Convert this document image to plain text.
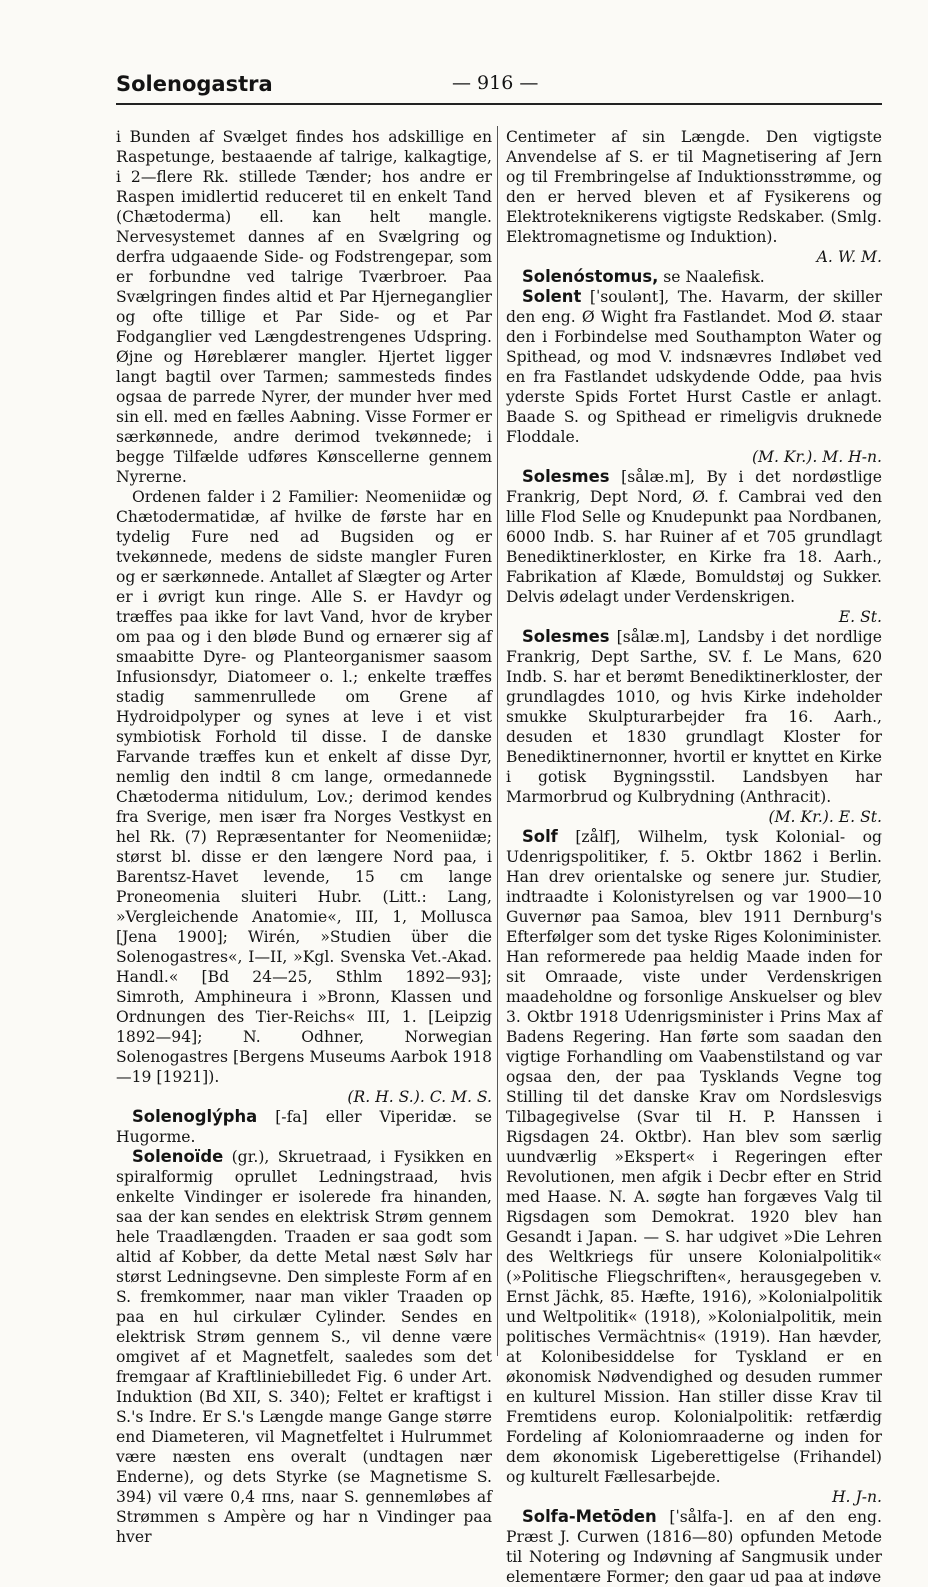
Solenogastra	— 916 —

i Bunden af Svælget findes hos adskillige en Raspetunge, bestaaende af talrige, kalkagtige, i 2—flere Rk. stillede Tænder; hos andre er Raspen imidlertid reduceret til en enkelt Tand (Chætoderma) ell. kan helt mangle. Nervesystemet dannes af en Svælgring og derfra udgaaende Side- og Fodstrengepar, som er forbundne ved talrige Tværbroer. Paa Svælgringen findes altid et Par Hjerneganglier og ofte tillige et Par Side- og et Par Fodganglier ved Længdestrengenes Udspring. Øjne og Høreblærer mangler. Hjertet ligger langt bagtil over Tarmen; sammesteds findes ogsaa de parrede Nyrer, der munder hver med sin ell. med en fælles Aabning. Visse Former er særkønnede, andre derimod tvekønnede; i begge Tilfælde udføres Kønscellerne gennem Nyrerne.

Ordenen falder i 2 Familier: Neomeniidæ og Chætodermatidæ, af hvilke de første har en tydelig Fure ned ad Bugsiden og er tvekønnede, medens de sidste mangler Furen og er særkønnede. Antallet af Slægter og Arter er i øvrigt kun ringe. Alle S. er Havdyr og træffes paa ikke for lavt Vand, hvor de kryber om paa og i den bløde Bund og ernærer sig af smaabitte Dyre- og Planteorganismer saasom Infusionsdyr, Diatomeer o. l.; enkelte træffes stadig sammenrullede om Grene af Hydroidpolyper og synes at leve i et vist symbiotisk Forhold til disse. I de danske Farvande træffes kun et enkelt af disse Dyr, nemlig den indtil 8 cm lange, ormedannede Chætoderma nitidulum, Lov.; derimod kendes fra Sverige, men især fra Norges Vestkyst en hel Rk. (7) Repræsentanter for Neomeniidæ; størst bl. disse er den længere Nord paa, i Barentsz-Havet levende, 15 cm lange Proneomenia sluiteri Hubr. (Litt.: Lang, »Vergleichende Anatomie«, III, 1, Mollusca [Jena 1900]; Wirén, »Studien über die Solenogastres«, I—II, »Kgl. Svenska Vet.-Akad. Handl.« [Bd 24—25, Sthlm 1892—93]; Simroth, Amphineura i »Bronn, Klassen und Ordnungen des Tier-Reichs« III, 1. [Leipzig 1892—94]; N. Odhner, Norwegian Solenogastres [Bergens Museums Aarbok 1918—19 [1921]).

(R. H. S.). C. M. S.

Solenoglýpha [-fa] eller Viperidæ. se Hugorme.

Solenoïde (gr.), Skruetraad, i Fysikken en spiralformig oprullet Ledningstraad, hvis enkelte Vindinger er isolerede fra hinanden, saa der kan sendes en elektrisk Strøm gennem hele Traadlængden. Traaden er saa godt som altid af Kobber, da dette Metal næst Sølv har størst Ledningsevne. Den simpleste Form af en S. fremkommer, naar man vikler Traaden op paa en hul cirkulær Cylinder. Sendes en elektrisk Strøm gennem S., vil denne være omgivet af et Magnetfelt, saaledes som det fremgaar af Kraftliniebilledet Fig. 6 under Art. Induktion (Bd XII, S. 340); Feltet er kraftigst i S.'s Indre. Er S.'s Længde mange Gange større end Diameteren, vil Magnetfeltet i Hulrummet være næsten ens overalt (undtagen nær Enderne), og dets Styrke (se Magnetisme S. 394) vil være 0,4 πns, naar S. gennemløbes af Strømmen s Ampère og har n Vindinger paa hver

Centimeter af sin Længde. Den vigtigste Anvendelse af S. er til Magnetisering af Jern og til Frembringelse af Induktionsstrømme, og den er herved bleven et af Fysikerens og Elektroteknikerens vigtigste Redskaber. (Smlg. Elektromagnetisme og Induktion).

A. W. M.

Solenóstomus, se Naalefisk.

Solent [ˈsoulənt], The. Havarm, der skiller den eng. Ø Wight fra Fastlandet. Mod Ø. staar den i Forbindelse med Southampton Water og Spithead, og mod V. indsnævres Indløbet ved en fra Fastlandet udskydende Odde, paa hvis yderste Spids Fortet Hurst Castle er anlagt. Baade S. og Spithead er rimeligvis druknede Floddale.

(M. Kr.). M. H-n.

Solesmes [sålæ.m], By i det nordøstlige Frankrig, Dept Nord, Ø. f. Cambrai ved den lille Flod Selle og Knudepunkt paa Nordbanen, 6000 Indb. S. har Ruiner af et 705 grundlagt Benediktinerkloster, en Kirke fra 18. Aarh., Fabrikation af Klæde, Bomuldstøj og Sukker. Delvis ødelagt under Verdenskrigen.

E. St.

Solesmes [sålæ.m], Landsby i det nordlige Frankrig, Dept Sarthe, SV. f. Le Mans, 620 Indb. S. har et berømt Benediktinerkloster, der grundlagdes 1010, og hvis Kirke indeholder smukke Skulpturarbejder fra 16. Aarh., desuden et 1830 grundlagt Kloster for Benediktinernonner, hvortil er knyttet en Kirke i gotisk Bygningsstil. Landsbyen har Marmorbrud og Kulbrydning (Anthracit).

(M. Kr.). E. St.

Solf [zålf], Wilhelm, tysk Kolonial- og Udenrigspolitiker, f. 5. Oktbr 1862 i Berlin. Han drev orientalske og senere jur. Studier, indtraadte i Kolonistyrelsen og var 1900—10 Guvernør paa Samoa, blev 1911 Dernburg's Efterfølger som det tyske Riges Koloniminister. Han reformerede paa heldig Maade inden for sit Omraade, viste under Verdenskrigen maadeholdne og forsonlige Anskuelser og blev 3. Oktbr 1918 Udenrigsminister i Prins Max af Badens Regering. Han førte som saadan den vigtige Forhandling om Vaabenstilstand og var ogsaa den, der paa Tysklands Vegne tog Stilling til det danske Krav om Nordslesvigs Tilbagegivelse (Svar til H. P. Hanssen i Rigsdagen 24. Oktbr). Han blev som særlig uundværlig »Ekspert« i Regeringen efter Revolutionen, men afgik i Decbr efter en Strid med Haase. N. A. søgte han forgæves Valg til Rigsdagen som Demokrat. 1920 blev han Gesandt i Japan. — S. har udgivet »Die Lehren des Weltkriegs für unsere Kolonialpolitik« (»Politische Fliegschriften«, herausgegeben v. Ernst Jächk, 85. Hæfte, 1916), »Kolonialpolitik und Weltpolitik« (1918), »Kolonialpolitik, mein politisches Vermächtnis« (1919). Han hævder, at Kolonibesiddelse for Tyskland er en økonomisk Nødvendighed og desuden rummer en kulturel Mission. Han stiller disse Krav til Fremtidens europ. Kolonialpolitik: retfærdig Fordeling af Koloniomraaderne og inden for dem økonomisk Ligeberettigelse (Frihandel) og kulturelt Fællesarbejde.

H. J-n.

Solfa-Metōden [ˈsålfa-]. en af den eng. Præst J. Curwen (1816—80) opfunden Metode til Notering og Indøvning af Sangmusik under elementære Former; den gaar ud paa at indøve
